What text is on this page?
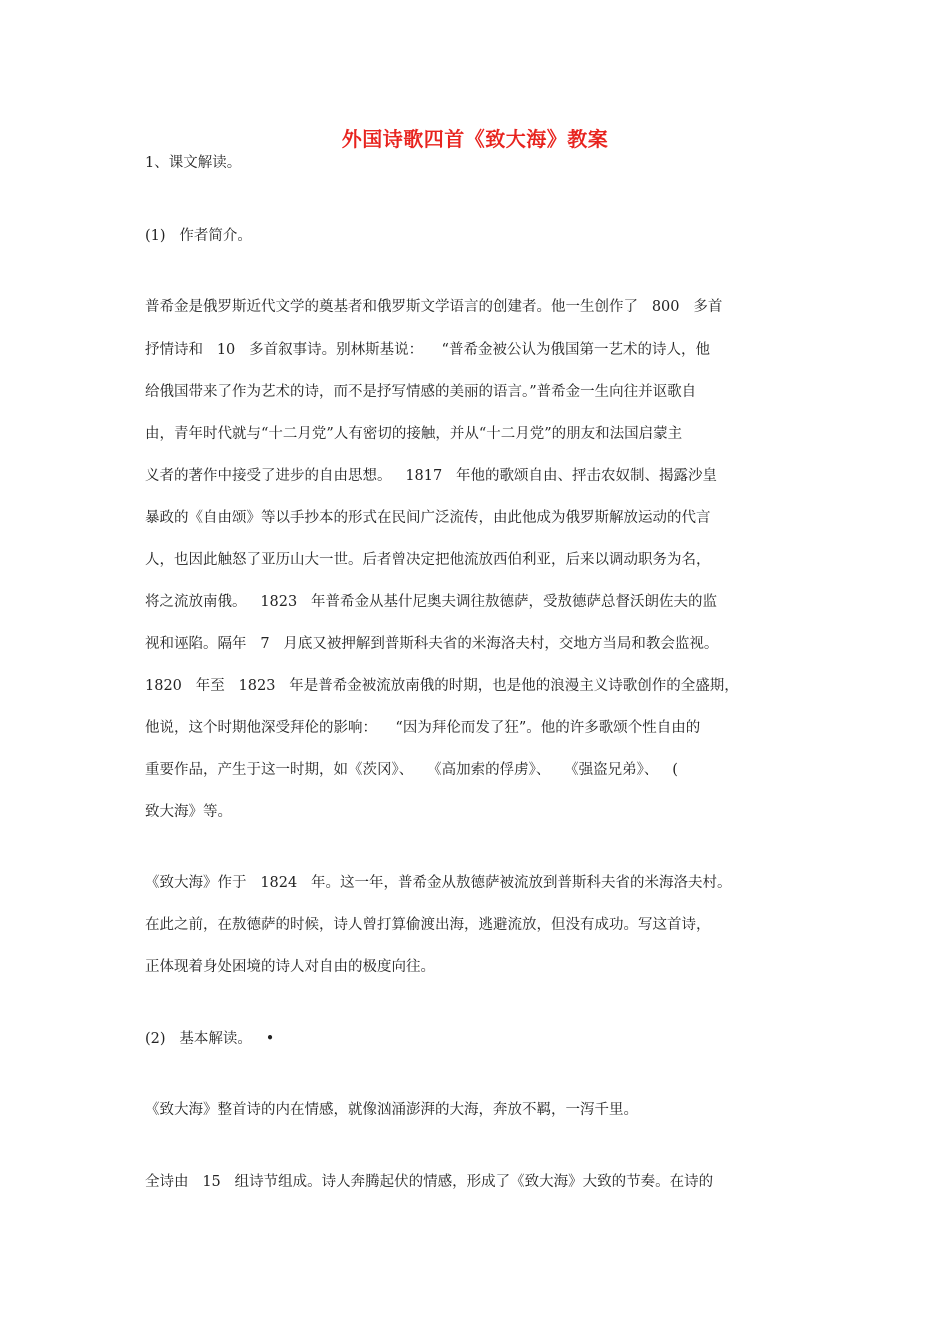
外国诗歌四首《致大海》教案
1、课文解读。
(1)   作者简介。
普希金是俄罗斯近代文学的奠基者和俄罗斯文学语言的创建者。他一生创作了   800   多首
抒情诗和   10   多首叙事诗。别林斯基说：    “普希金被公认为俄国第一艺术的诗人，他
给俄国带来了作为艺术的诗，而不是抒写情感的美丽的语言。”普希金一生向往并讴歌自
由，青年时代就与“十二月党”人有密切的接触，并从“十二月党”的朋友和法国启蒙主
义者的著作中接受了进步的自由思想。   1817   年他的歌颂自由、抨击农奴制、揭露沙皇
暴政的《自由颂》等以手抄本的形式在民间广泛流传，由此他成为俄罗斯解放运动的代言
人，也因此触怒了亚历山大一世。后者曾决定把他流放西伯利亚，后来以调动职务为名，
将之流放南俄。   1823   年普希金从基什尼奥夫调往敖德萨，受敖德萨总督沃朗佐夫的监
视和诬陷。隔年   7   月底又被押解到普斯科夫省的米海洛夫村，交地方当局和教会监视。
1820   年至   1823   年是普希金被流放南俄的时期，也是他的浪漫主义诗歌创作的全盛期，
他说，这个时期他深受拜伦的影响：    “因为拜伦而发了狂”。他的许多歌颂个性自由的
重要作品，产生于这一时期，如《茨冈》、   《高加索的俘虏》、   《强盗兄弟》、   (
致大海》等。
《致大海》作于   1824   年。这一年，普希金从敖德萨被流放到普斯科夫省的米海洛夫村。
在此之前，在敖德萨的时候，诗人曾打算偷渡出海，逃避流放，但没有成功。写这首诗，
正体现着身处困境的诗人对自由的极度向往。
(2)   基本解读。   •
《致大海》整首诗的内在情感，就像汹涌澎湃的大海，奔放不羁，一泻千里。
全诗由   15   组诗节组成。诗人奔腾起伏的情感，形成了《致大海》大致的节奏。在诗的
